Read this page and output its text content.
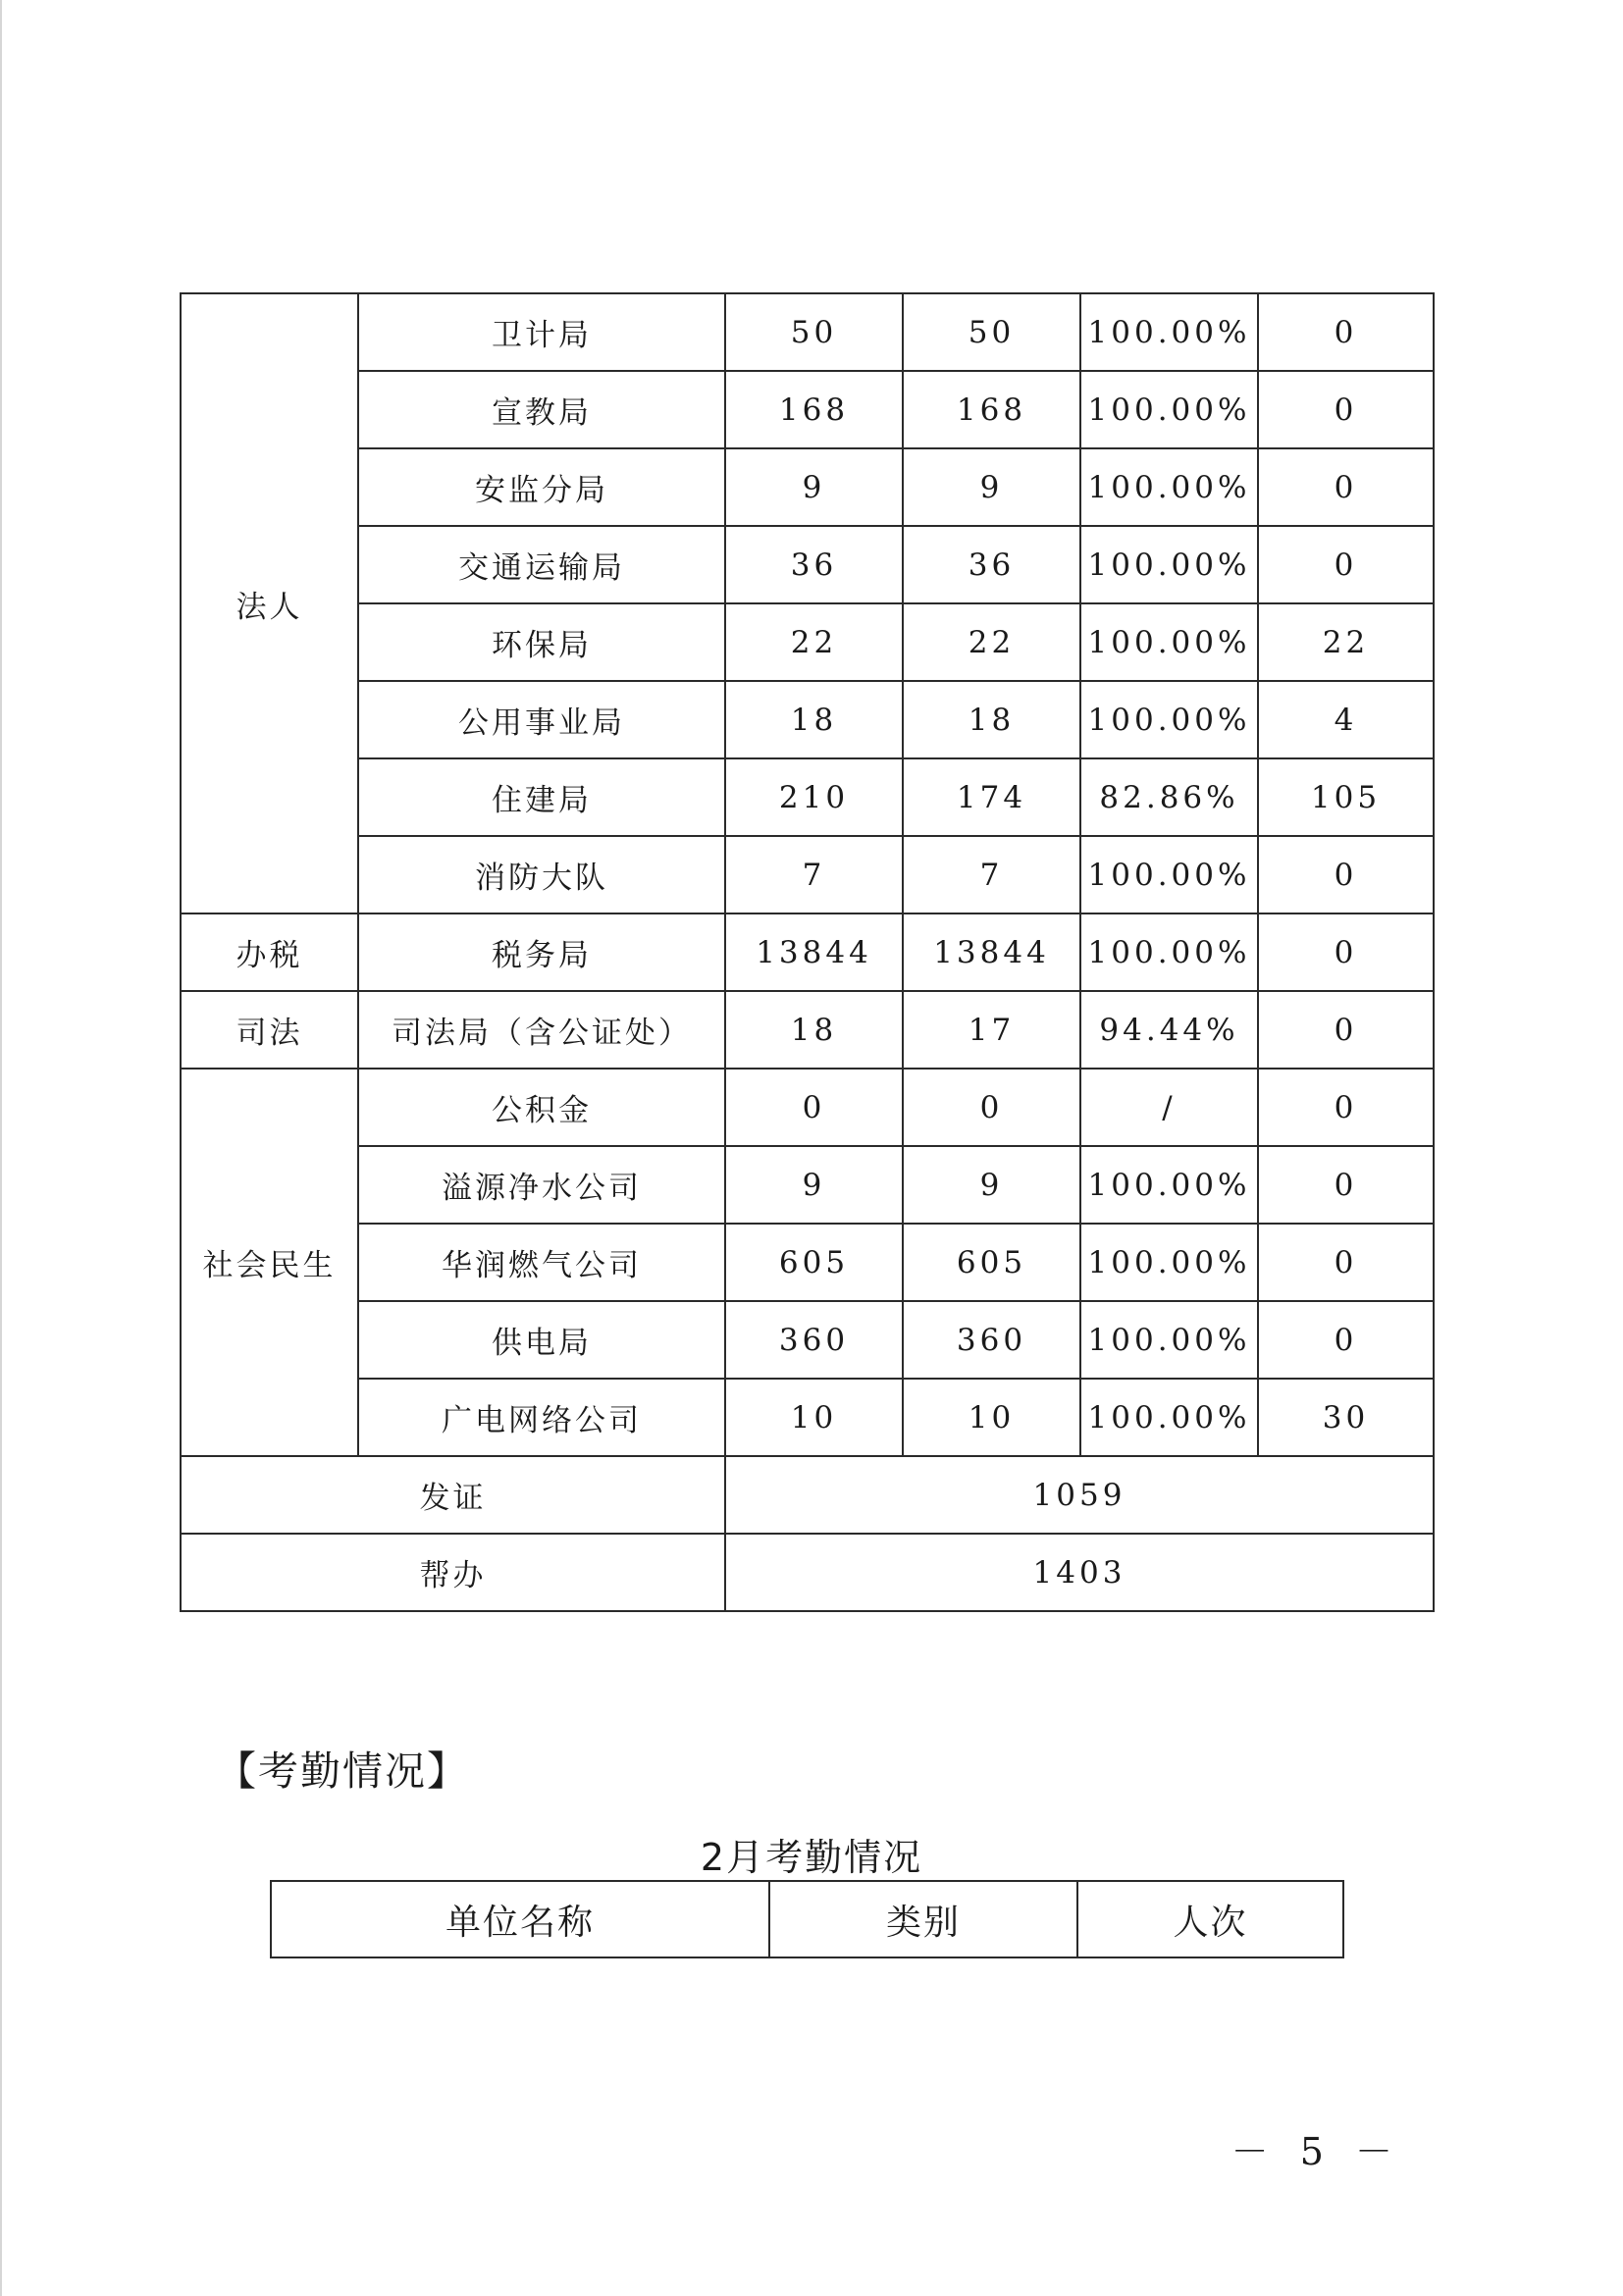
法人	卫计局	50	50	100.00%	0
	宣教局	168	168	100.00%	0
	安监分局	9	9	100.00%	0
	交通运输局	36	36	100.00%	0
	环保局	22	22	100.00%	22
	公用事业局	18	18	100.00%	4
	住建局	210	174	82.86%	105
	消防大队	7	7	100.00%	0
办税	税务局	13844	13844	100.00%	0
司法	司法局（含公证处）	18	17	94.44%	0
社会民生	公积金	0	0	/	0
	溢源净水公司	9	9	100.00%	0
	华润燃气公司	605	605	100.00%	0
	供电局	360	360	100.00%	0
	广电网络公司	10	10	100.00%	30
发证		1059			
帮办		1403			
【考勤情况】
2月考勤情况
单位名称	类别	人次
－ 5 －
